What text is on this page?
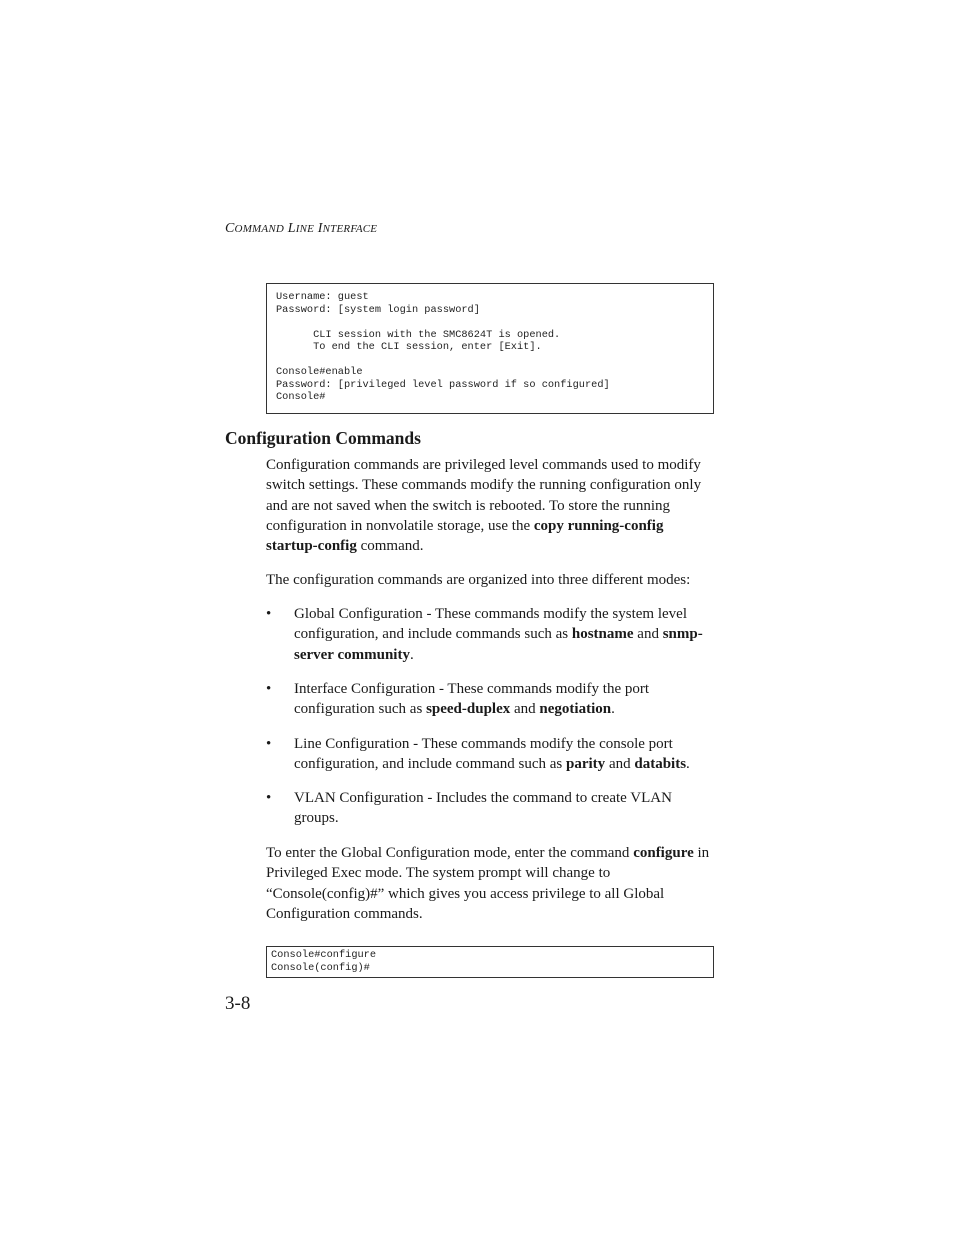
COMMAND LINE INTERFACE
Username: guest
Password: [system login password]

CLI session with the SMC8624T is opened.
To end the CLI session, enter [Exit].

Console#enable
Password: [privileged level password if so configured]
Console#
Configuration Commands
Configuration commands are privileged level commands used to modify switch settings. These commands modify the running configuration only and are not saved when the switch is rebooted. To store the running configuration in nonvolatile storage, use the copy running-config startup-config command.
The configuration commands are organized into three different modes:
• Global Configuration - These commands modify the system level configuration, and include commands such as hostname and snmp-server community.
• Interface Configuration - These commands modify the port configuration such as speed-duplex and negotiation.
• Line Configuration - These commands modify the console port configuration, and include command such as parity and databits.
• VLAN Configuration - Includes the command to create VLAN groups.
To enter the Global Configuration mode, enter the command configure in Privileged Exec mode. The system prompt will change to “Console(config)#” which gives you access privilege to all Global Configuration commands.
Console#configure
Console(config)#
3-8
